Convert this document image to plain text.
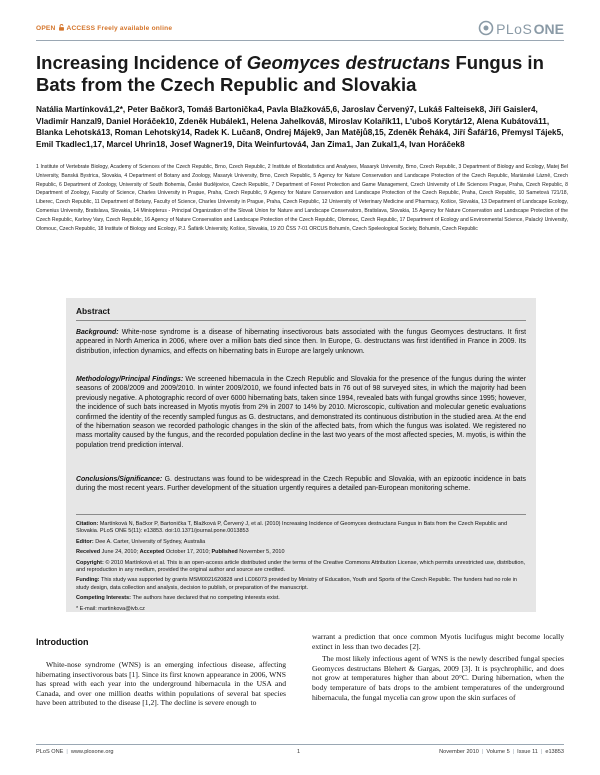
OPEN ACCESS Freely available online	PLoS ONE
Increasing Incidence of Geomyces destructans Fungus in Bats from the Czech Republic and Slovakia
Natália Martínková1,2*, Peter Bačkor3, Tomáš Bartonička4, Pavla Blažková5,6, Jaroslav Červený7, Lukáš Falteisek8, Jiří Gaisler4, Vladimír Hanzal9, Daniel Horáček10, Zdeněk Hubálek1, Helena Jahelková8, Miroslav Kolařík11, L'uboš Korytár12, Alena Kubátová11, Blanka Lehotská13, Roman Lehotský14, Radek K. Lučan8, Ondrej Májek9, Jan Matějů8,15, Zdeněk Řehák4, Jiří Šafář16, Přemysl Tájek5, Emil Tkadlec1,17, Marcel Uhrin18, Josef Wagner19, Dita Weinfurtová4, Jan Zima1, Jan Zukal1,4, Ivan Horáček8
1 Institute of Vertebrate Biology, Academy of Sciences of the Czech Republic, Brno, Czech Republic, 2 Institute of Biostatistics and Analyses, Masaryk University, Brno, Czech Republic, 3 Department of Biology and Ecology, Matej Bel University, Banská Bystrica, Slovakia, 4 Department of Botany and Zoology, Masaryk University, Brno, Czech Republic, 5 Agency for Nature Conservation and Landscape Protection of the Czech Republic, Mariánské Lázně, Czech Republic, 6 Department of Zoology, University of South Bohemia, České Budějovice, Czech Republic, 7 Department of Forest Protection and Game Management, Czech University of Life Sciences Prague, Praha, Czech Republic, 8 Department of Zoology, Faculty of Science, Charles University in Prague, Praha, Czech Republic, 9 Agency for Nature Conservation and Landscape Protection of the Czech Republic, Praha, Czech Republic, 10 Sametová 721/18, Liberec, Czech Republic, 11 Department of Botany, Faculty of Science, Charles University in Prague, Praha, Czech Republic, 12 University of Veterinary Medicine and Pharmacy, Košice, Slovakia, 13 Department of Landscape Ecology, Comenius University, Bratislava, Slovakia, 14 Miniopterus - Principal Organization of the Slovak Union for Nature and Landscape Conservators, Bratislava, Slovakia, 15 Agency for Nature Conservation and Landscape Protection of the Czech Republic, Karlovy Vary, Czech Republic, 16 Agency of Nature Conservation and Landscape Protection of the Czech Republic, Olomouc, Czech Republic, 17 Department of Ecology and Environmental Science, Palacký University, Olomouc, Czech Republic, 18 Institute of Biology and Ecology, P.J. Šafárik University, Košice, Slovakia, 19 ZO ČSS 7-01 ORCUS Bohumín, Czech Speleological Society, Bohumín, Czech Republic
Abstract
Background: White-nose syndrome is a disease of hibernating insectivorous bats associated with the fungus Geomyces destructans. It first appeared in North America in 2006, where over a million bats died since then. In Europe, G. destructans was first identified in France in 2009. Its distribution, infection dynamics, and effects on hibernating bats in Europe are largely unknown.
Methodology/Principal Findings: We screened hibernacula in the Czech Republic and Slovakia for the presence of the fungus during the winter seasons of 2008/2009 and 2009/2010. In winter 2009/2010, we found infected bats in 76 out of 98 surveyed sites, in which the majority had been previously negative. A photographic record of over 6000 hibernating bats, taken since 1994, revealed bats with fungal growths since 1995; however, the incidence of such bats increased in Myotis myotis from 2% in 2007 to 14% by 2010. Microscopic, cultivation and molecular genetic evaluations confirmed the identity of the recently sampled fungus as G. destructans, and demonstrated its continuous distribution in the studied area. At the end of the hibernation season we recorded pathologic changes in the skin of the affected bats, from which the fungus was isolated. We registered no mass mortality caused by the fungus, and the recorded population decline in the last two years of the most affected species, M. myotis, is within the population trend prediction interval.
Conclusions/Significance: G. destructans was found to be widespread in the Czech Republic and Slovakia, with an epizootic incidence in bats during the most recent years. Further development of the situation urgently requires a detailed pan-European monitoring scheme.
Citation: Martínková N, Bačkor P, Bartonička T, Blažková P, Červený J, et al. (2010) Increasing Incidence of Geomyces destructans Fungus in Bats from the Czech Republic and Slovakia. PLoS ONE 5(11): e13853. doi:10.1371/journal.pone.0013853
Editor: Dee A. Carter, University of Sydney, Australia
Received June 24, 2010; Accepted October 17, 2010; Published November 5, 2010
Copyright: © 2010 Martínková et al. This is an open-access article distributed under the terms of the Creative Commons Attribution License, which permits unrestricted use, distribution, and reproduction in any medium, provided the original author and source are credited.
Funding: This study was supported by grants MSM0021620828 and LC06073 provided by Ministry of Education, Youth and Sports of the Czech Republic. The funders had no role in study design, data collection and analysis, decision to publish, or preparation of the manuscript.
Competing Interests: The authors have declared that no competing interests exist.
* E-mail: martinkova@ivb.cz
Introduction
White-nose syndrome (WNS) is an emerging infectious disease, affecting hibernating insectivorous bats [1]. Since its first known appearance in 2006, WNS has spread with each year into the underground hibernacula in the USA and Canada, and over one million deaths within populations of several bat species have been attributed to the disease [1,2]. The decline is severe enough to

warrant a prediction that once common Myotis lucifugus might become locally extinct in less than two decades [2].

The most likely infectious agent of WNS is the newly described fungal species Geomyces destructans Blehert & Gargas, 2009 [3]. It is psychrophilic, and does not grow at temperatures higher than about 20°C. During hibernation, when the body temperature of bats drops to the ambient temperatures of the underground hibernacula, the fungal mycelia can grow upon the skin surfaces of

PLoS ONE | www.plosone.org	1	November 2010 | Volume 5 | Issue 11 | e13853
